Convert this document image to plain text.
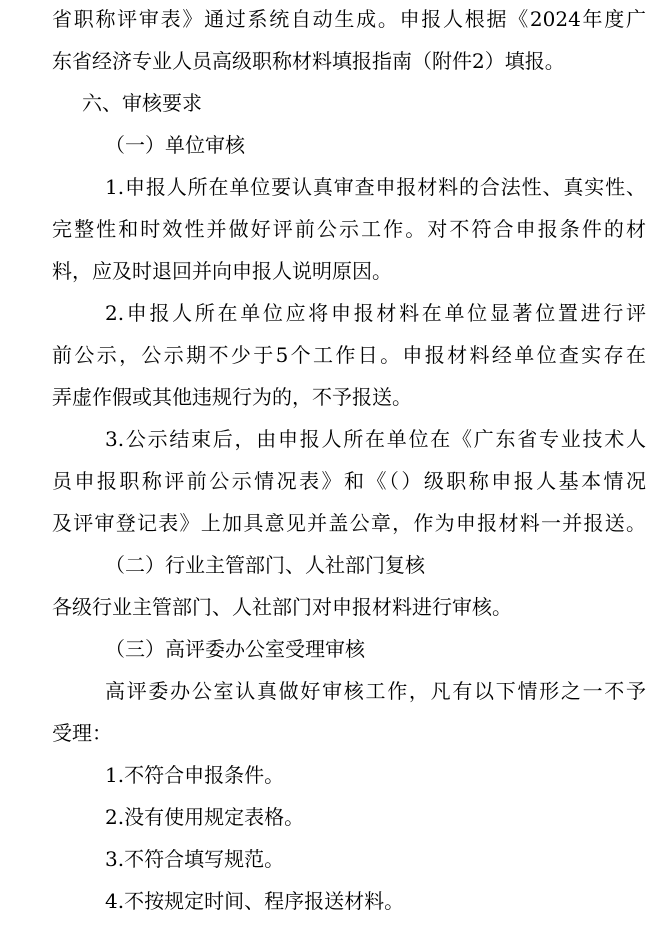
省职称评审表》通过系统自动生成。申报人根据《2024年度广
东省经济专业人员高级职称材料填报指南（附件2）填报。
六、审核要求
（一）单位审核
1.申报人所在单位要认真审查申报材料的合法性、真实性、
完整性和时效性并做好评前公示工作。对不符合申报条件的材
料，应及时退回并向申报人说明原因。
2.申报人所在单位应将申报材料在单位显著位置进行评
前公示，公示期不少于5个工作日。申报材料经单位查实存在
弄虚作假或其他违规行为的，不予报送。
3.公示结束后，由申报人所在单位在《广东省专业技术人
员申报职称评前公示情况表》和《（）级职称申报人基本情况
及评审登记表》上加具意见并盖公章，作为申报材料一并报送。
（二）行业主管部门、人社部门复核
各级行业主管部门、人社部门对申报材料进行审核。
（三）高评委办公室受理审核
高评委办公室认真做好审核工作，凡有以下情形之一不予
受理：
1.不符合申报条件。
2.没有使用规定表格。
3.不符合填写规范。
4.不按规定时间、程序报送材料。
